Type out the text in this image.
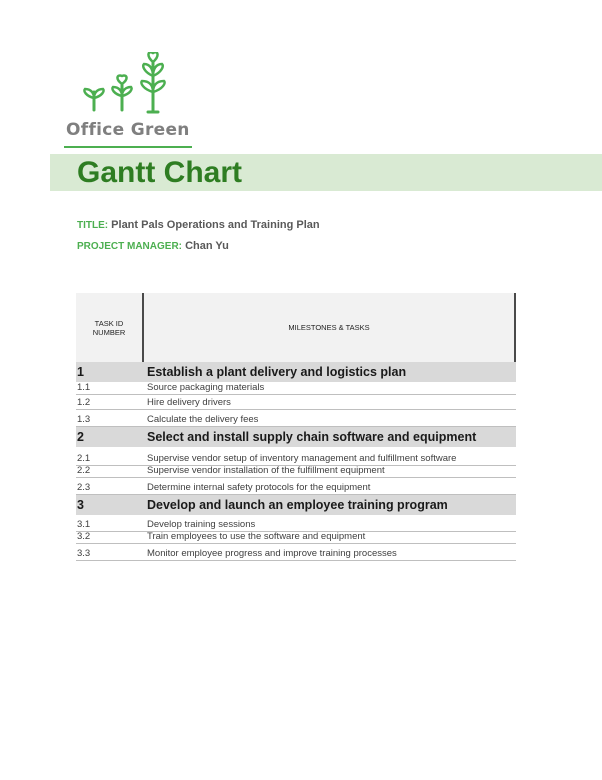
Office Green
Gantt Chart
TITLE: Plant Pals Operations and Training Plan
PROJECT MANAGER: Chan Yu
TASK ID
NUMBER	MILESTONES & TASKS
1	Establish a plant delivery and logistics plan
1.1	Source packaging materials
1.2	Hire delivery drivers
1.3	Calculate the delivery fees
2	Select and install supply chain software and equipment
2.1	Supervise vendor setup of inventory management and fulfillment software
2.2	Supervise vendor installation of the fulfillment equipment
2.3	Determine internal safety protocols for the equipment
3	Develop and launch an employee training program
3.1	Develop training sessions
3.2	Train employees to use the software and equipment
3.3	Monitor employee progress and improve training processes
